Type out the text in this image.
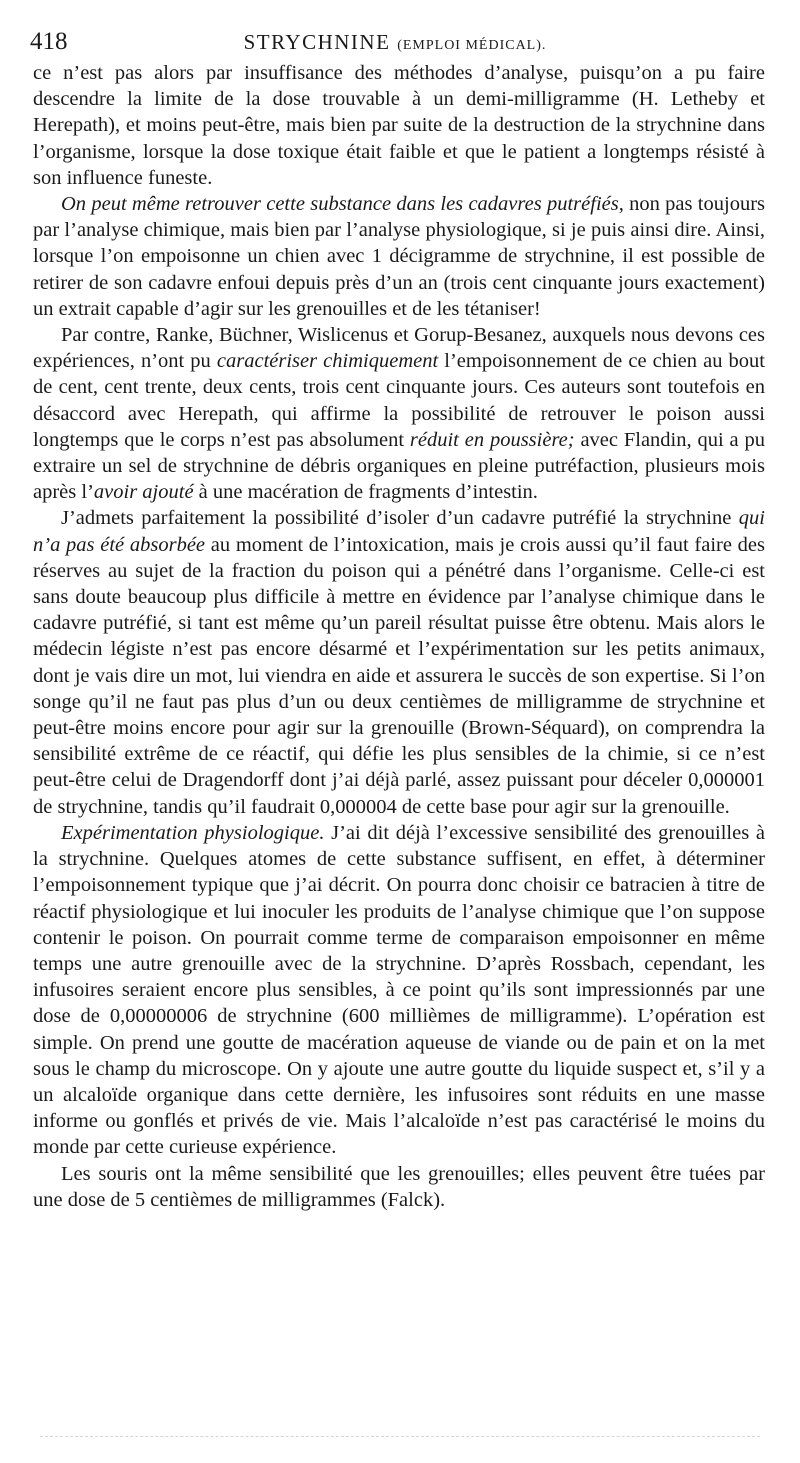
418	STRYCHNINE (EMPLOI MÉDICAL).

ce n’est pas alors par insuffisance des méthodes d’analyse, puisqu’on a pu faire descendre la limite de la dose trouvable à un demi-milligramme (H. Letheby et Herepath), et moins peut-être, mais bien par suite de la destruction de la strychnine dans l’organisme, lorsque la dose toxique était faible et que le patient a longtemps résisté à son influence funeste.

On peut même retrouver cette substance dans les cadavres putréfiés, non pas toujours par l’analyse chimique, mais bien par l’analyse physiologique, si je puis ainsi dire. Ainsi, lorsque l’on empoisonne un chien avec 1 décigramme de strychnine, il est possible de retirer de son cadavre enfoui depuis près d’un an (trois cent cinquante jours exactement) un extrait capable d’agir sur les grenouilles et de les tétaniser!

Par contre, Ranke, Büchner, Wislicenus et Gorup-Besanez, auxquels nous devons ces expériences, n’ont pu caractériser chimiquement l’empoisonnement de ce chien au bout de cent, cent trente, deux cents, trois cent cinquante jours. Ces auteurs sont toutefois en désaccord avec Herepath, qui affirme la possibilité de retrouver le poison aussi longtemps que le corps n’est pas absolument réduit en poussière; avec Flandin, qui a pu extraire un sel de strychnine de débris organiques en pleine putréfaction, plusieurs mois après l’avoir ajouté à une macération de fragments d’intestin.

J’admets parfaitement la possibilité d’isoler d’un cadavre putréfié la strychnine qui n’a pas été absorbée au moment de l’intoxication, mais je crois aussi qu’il faut faire des réserves au sujet de la fraction du poison qui a pénétré dans l’organisme. Celle-ci est sans doute beaucoup plus difficile à mettre en évidence par l’analyse chimique dans le cadavre putréfié, si tant est même qu’un pareil résultat puisse être obtenu. Mais alors le médecin légiste n’est pas encore désarmé et l’expérimentation sur les petits animaux, dont je vais dire un mot, lui viendra en aide et assurera le succès de son expertise. Si l’on songe qu’il ne faut pas plus d’un ou deux centièmes de milligramme de strychnine et peut-être moins encore pour agir sur la grenouille (Brown-Séquard), on comprendra la sensibilité extrême de ce réactif, qui défie les plus sensibles de la chimie, si ce n’est peut-être celui de Dragendorff dont j’ai déjà parlé, assez puissant pour déceler 0,000001 de strychnine, tandis qu’il faudrait 0,000004 de cette base pour agir sur la grenouille.

Expérimentation physiologique. J’ai dit déjà l’excessive sensibilité des grenouilles à la strychnine. Quelques atomes de cette substance suffisent, en effet, à déterminer l’empoisonnement typique que j’ai décrit. On pourra donc choisir ce batracien à titre de réactif physiologique et lui inoculer les produits de l’analyse chimique que l’on suppose contenir le poison. On pourrait comme terme de comparaison empoisonner en même temps une autre grenouille avec de la strychnine. D’après Rossbach, cependant, les infusoires seraient encore plus sensibles, à ce point qu’ils sont impressionnés par une dose de 0,00000006 de strychnine (600 millièmes de milligramme). L’opération est simple. On prend une goutte de macération aqueuse de viande ou de pain et on la met sous le champ du microscope. On y ajoute une autre goutte du liquide suspect et, s’il y a un alcaloïde organique dans cette dernière, les infusoires sont réduits en une masse informe ou gonflés et privés de vie. Mais l’alcaloïde n’est pas caractérisé le moins du monde par cette curieuse expérience.

Les souris ont la même sensibilité que les grenouilles; elles peuvent être tuées par une dose de 5 centièmes de milligrammes (Falck).
